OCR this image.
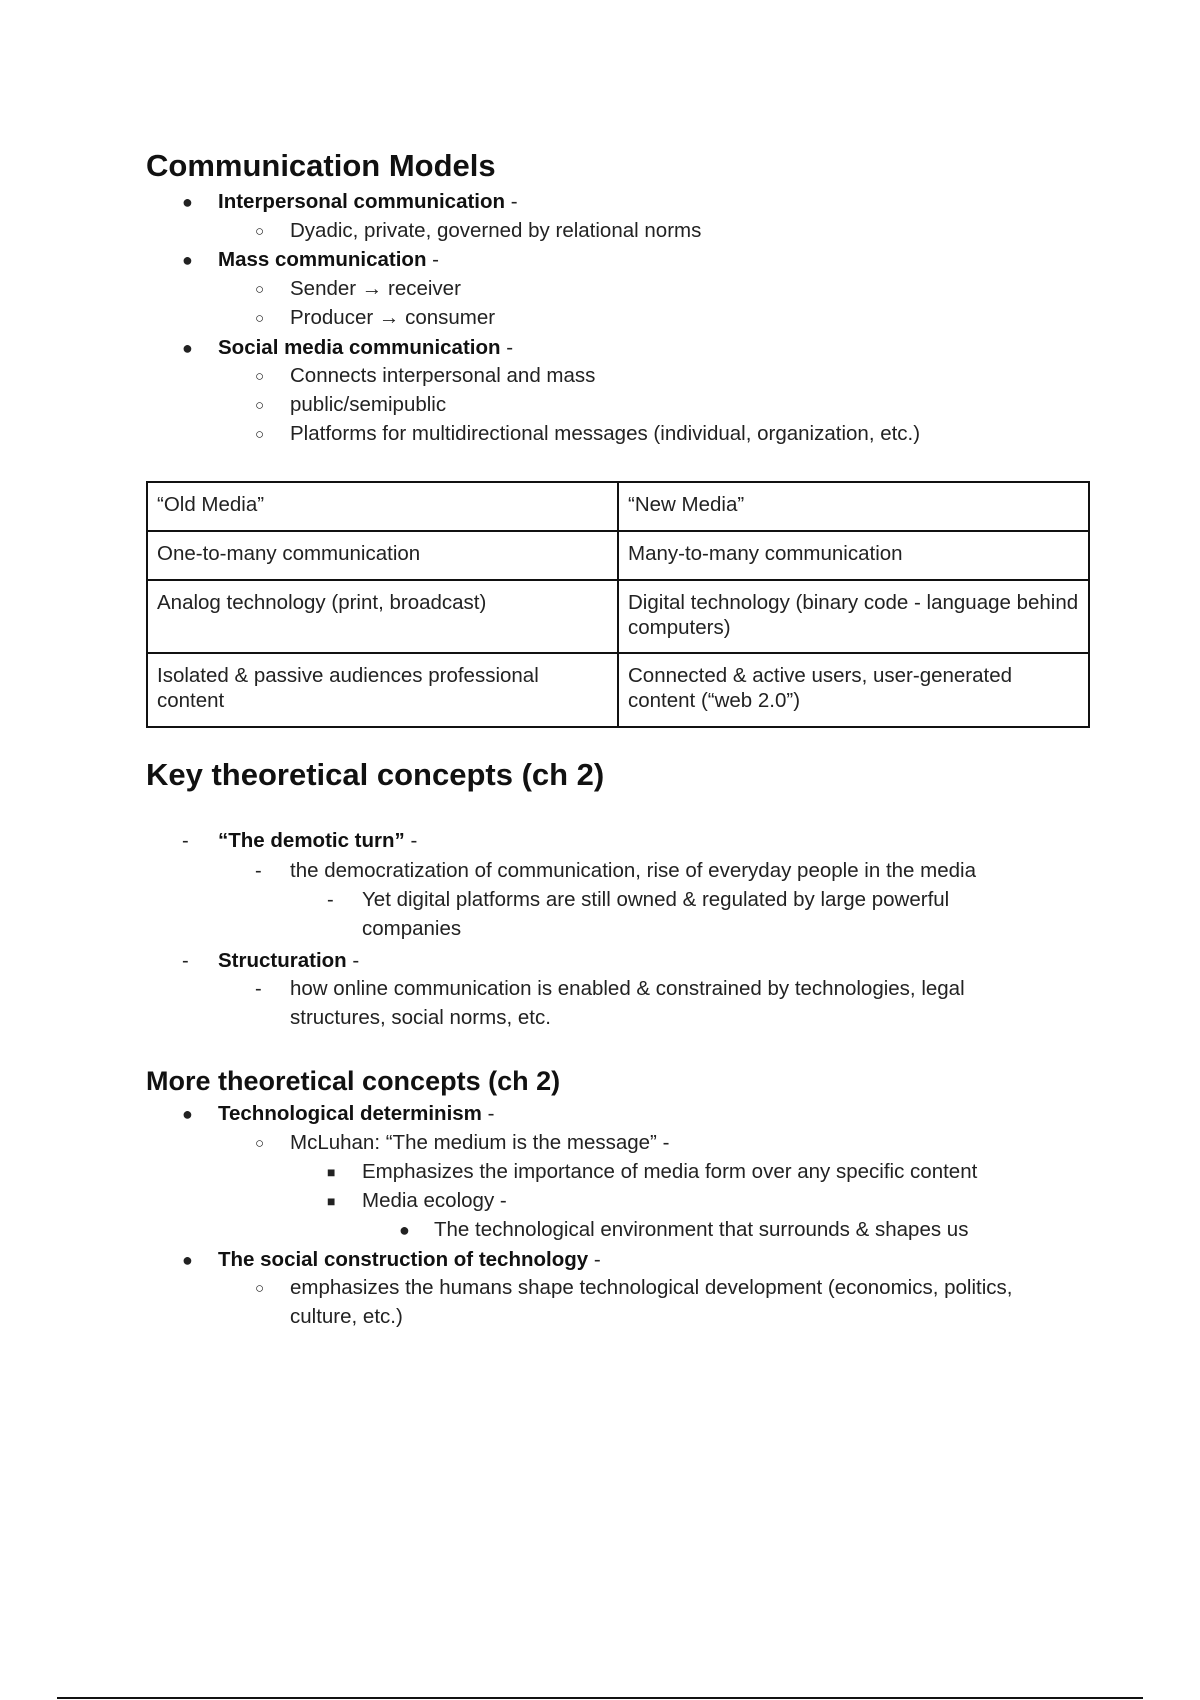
Communication Models
● Interpersonal communication -
○ Dyadic, private, governed by relational norms
● Mass communication -
○ Sender → receiver
○ Producer → consumer
● Social media communication -
○ Connects interpersonal and mass
○ public/semipublic
○ Platforms for multidirectional messages (individual, organization, etc.)
“Old Media”	“New Media”
One-to-many communication	Many-to-many communication
Analog technology (print, broadcast)	Digital technology (binary code - language behind computers)
Isolated & passive audiences professional content	Connected & active users, user-generated content (“web 2.0”)
Key theoretical concepts (ch 2)
- “The demotic turn” -
- the democratization of communication, rise of everyday people in the media
- Yet digital platforms are still owned & regulated by large powerful
companies
- Structuration -
- how online communication is enabled & constrained by technologies, legal
structures, social norms, etc.
More theoretical concepts (ch 2)
● Technological determinism -
○ McLuhan: “The medium is the message” -
■ Emphasizes the importance of media form over any specific content
■ Media ecology -
● The technological environment that surrounds & shapes us
● The social construction of technology -
○ emphasizes the humans shape technological development (economics, politics,
culture, etc.)
